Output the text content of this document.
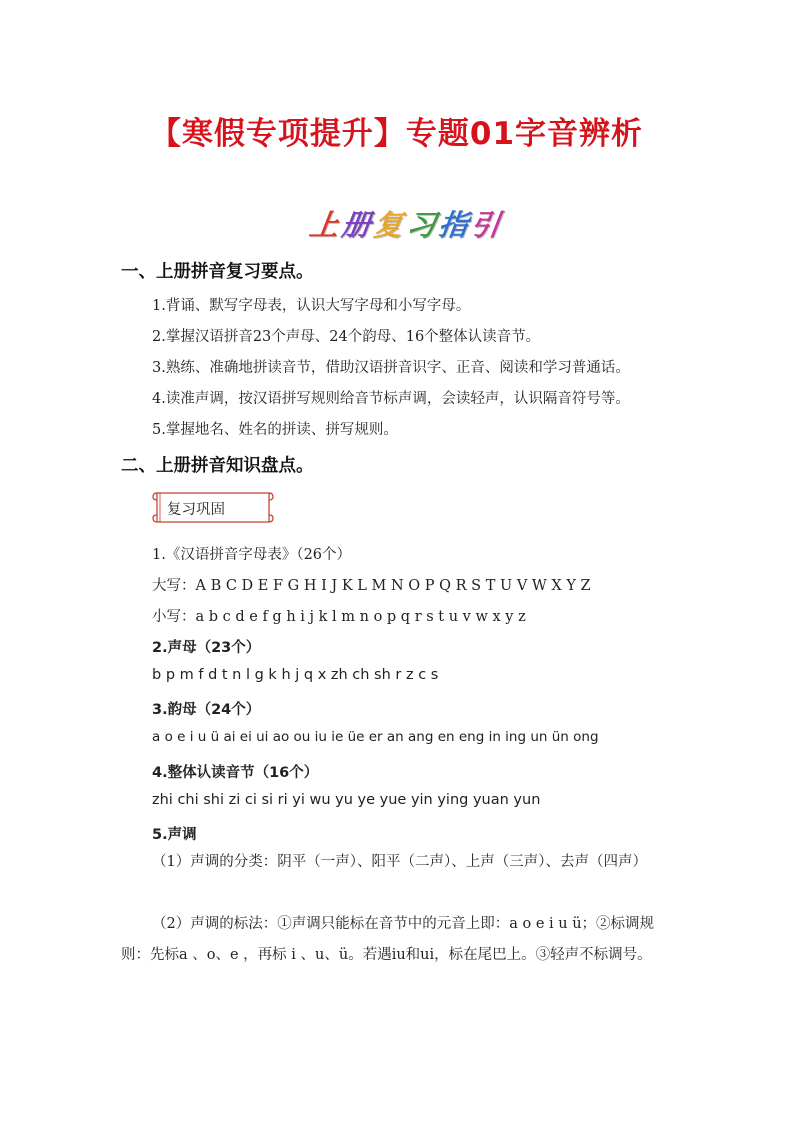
【寒假专项提升】专题01字音辨析
上
册
复
习
指
引
一、上册拼音复习要点。
1.背诵、默写字母表，认识大写字母和小写字母。
2.掌握汉语拼音23个声母、24个韵母、16个整体认读音节。
3.熟练、准确地拼读音节，借助汉语拼音识字、正音、阅读和学习普通话。
4.读准声调，按汉语拼写规则给音节标声调，会读轻声，认识隔音符号等。
5.掌握地名、姓名的拼读、拼写规则。
二、上册拼音知识盘点。
复习巩固
1.《汉语拼音字母表》（26个）
大写：A B C D E F G H I J K L M N O P Q R S T U V W X Y Z
小写：a b c d e f g h i j k l m n o p q r s t u v w x y z
2.声母（23个）
b p m f d t n l g k h j q x zh ch sh r z c s
3.韵母（24个）
a o e i u ü ai ei ui ao ou iu ie üe er an ang en eng in ing un ün ong
4.整体认读音节（16个）
zhi chi shi zi ci si ri yi wu yu ye yue yin ying yuan yun
5.声调
（1）声调的分类：阴平（一声）、阳平（二声）、上声（三声）、去声（四声）
（2）声调的标法：①声调只能标在音节中的元音上即：a o e i u ü；②标调规则：先标a 、o、e ，再标 i 、u、ü。若遇iu和ui，标在尾巴上。③轻声不标调号。
